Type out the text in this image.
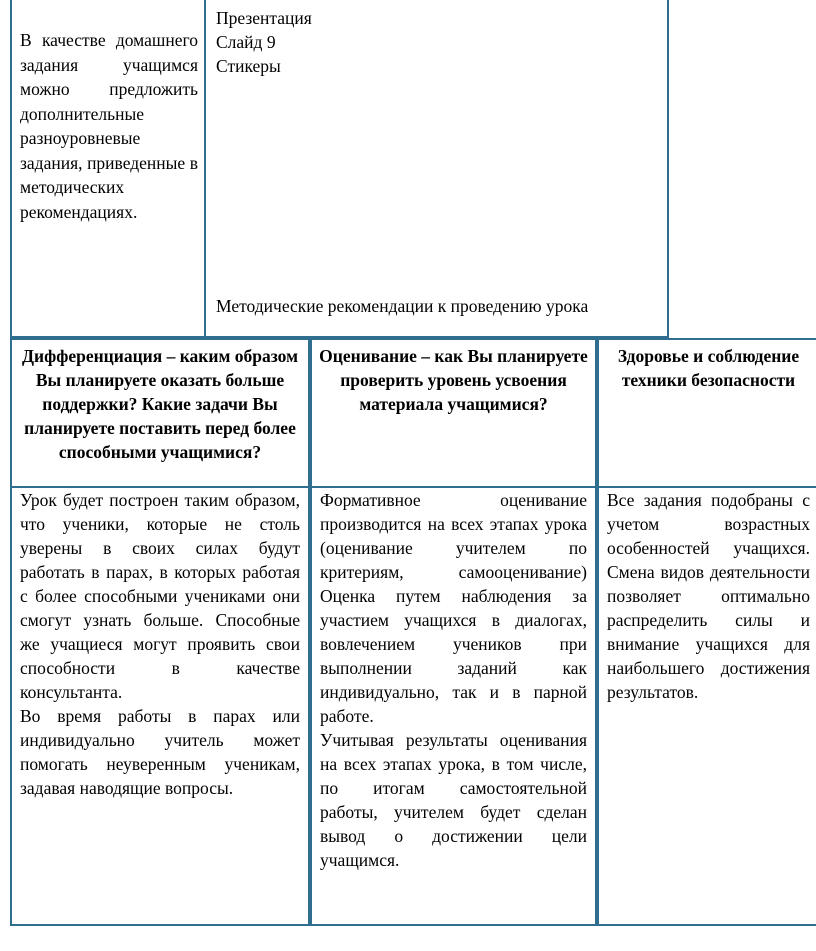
В качестве домашнего задания учащимся можно предложить дополнительные разноуровневые задания, приведенные в методических рекомендациях.

Презентация
Слайд 9
Стикеры
Методические рекомендации к проведению урока
Дифференциация – каким образом Вы планируете оказать больше поддержки? Какие задачи Вы планируете поставить перед более способными учащимися?
Оценивание – как Вы планируете проверить уровень усвоения материала учащимися?
Здоровье и соблюдение техники безопасности

Урок будет построен таким образом, что ученики, которые не столь уверены в своих силах будут работать в парах, в которых работая с более способными учениками они смогут узнать больше. Способные же учащиеся могут проявить свои способности в качестве консультанта.

Во время работы в парах или индивидуально учитель может помогать неуверенным ученикам, задавая наводящие вопросы.

Формативное оценивание производится на всех этапах урока (оценивание учителем по критериям, самооценивание) Оценка путем наблюдения за участием учащихся в диалогах, вовлечением учеников при выполнении заданий как индивидуально, так и в парной работе.

Учитывая результаты оценивания на всех этапах урока, в том числе, по итогам самостоятельной работы, учителем будет сделан вывод о достижении цели учащимся.

Все задания подобраны с учетом возрастных особенностей учащихся. Смена видов деятельности позволяет оптимально распределить силы и внимание учащихся для наибольшего достижения результатов.
